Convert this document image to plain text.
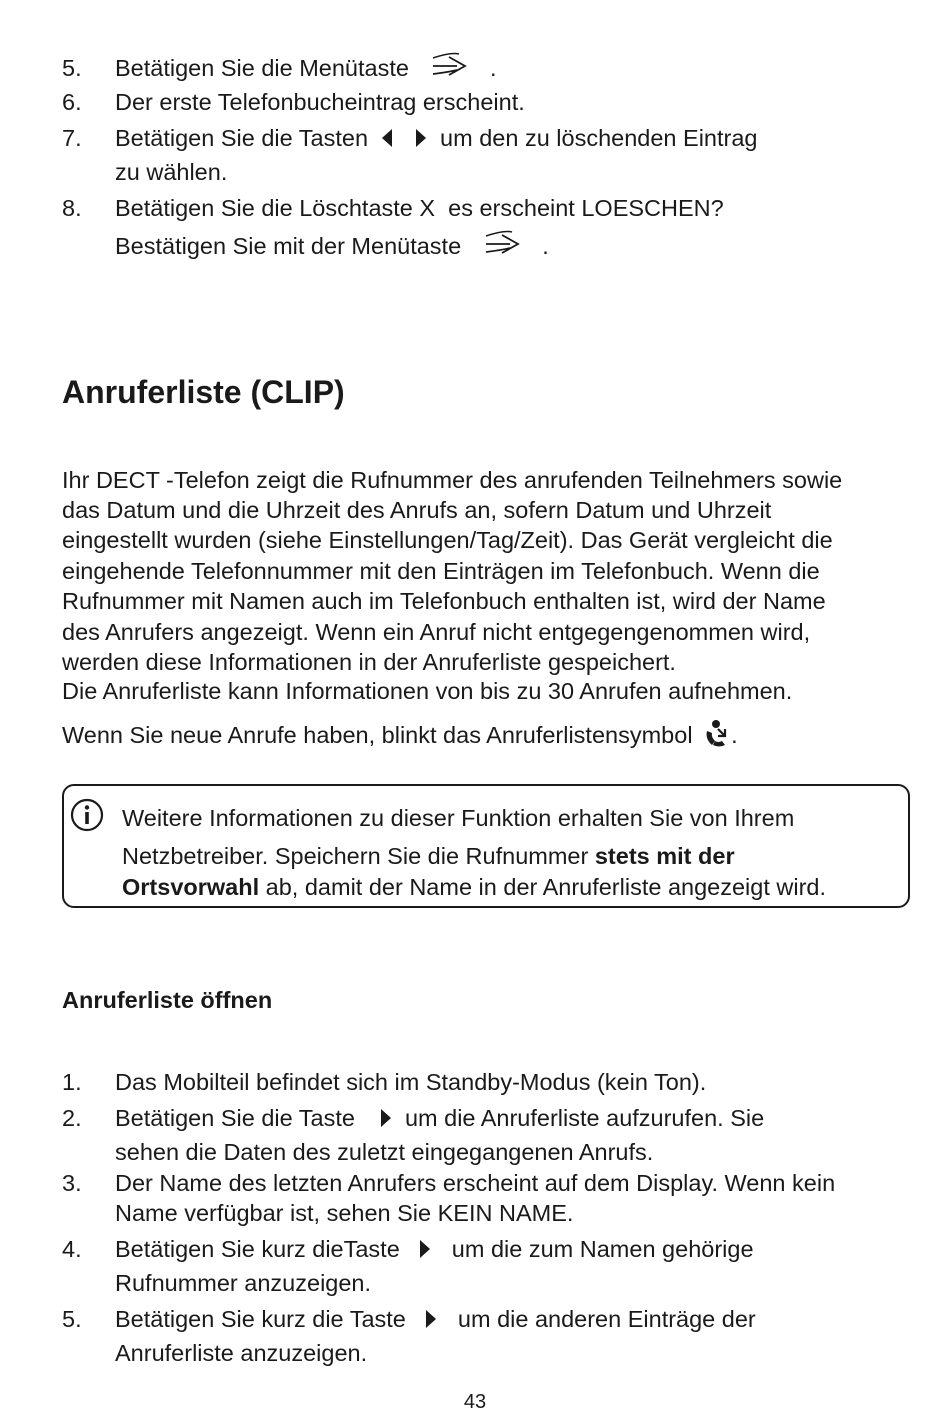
5. Betätigen Sie die Menütaste	.
6. Der erste Telefonbucheintrag erscheint.
7. Betätigen Sie die Tasten	um den zu löschenden Eintrag
zu wählen.
8. Betätigen Sie die Löschtaste X  es erscheint LOESCHEN?
Bestätigen Sie mit der Menütaste	.
Anruferliste (CLIP)
Ihr DECT -Telefon zeigt die Rufnummer des anrufenden Teilnehmers sowie
das Datum und die Uhrzeit des Anrufs an, sofern Datum und Uhrzeit
eingestellt wurden (siehe Einstellungen/Tag/Zeit). Das Gerät vergleicht die
eingehende Telefonnummer mit den Einträgen im Telefonbuch. Wenn die
Rufnummer mit Namen auch im Telefonbuch enthalten ist, wird der Name
des Anrufers angezeigt. Wenn ein Anruf nicht entgegengenommen wird,
werden diese Informationen in der Anruferliste gespeichert.
Die Anruferliste kann Informationen von bis zu 30 Anrufen aufnehmen.
Wenn Sie neue Anrufe haben, blinkt das Anruferlistensymbol .
Weitere Informationen zu dieser Funktion erhalten Sie von Ihrem
Netzbetreiber. Speichern Sie die Rufnummer stets mit der
Ortsvorwahl ab, damit der Name in der Anruferliste angezeigt wird.
Anruferliste öffnen
1. Das Mobilteil befindet sich im Standby-Modus (kein Ton).
2. Betätigen Sie die Taste um die Anruferliste aufzurufen. Sie
sehen die Daten des zuletzt eingegangenen Anrufs.
3. Der Name des letzten Anrufers erscheint auf dem Display. Wenn kein
Name verfügbar ist, sehen Sie KEIN NAME.
4. Betätigen Sie kurz dieTaste um die zum Namen gehörige
Rufnummer anzuzeigen.
5. Betätigen Sie kurz die Taste um die anderen Einträge der
Anruferliste anzuzeigen.
43
